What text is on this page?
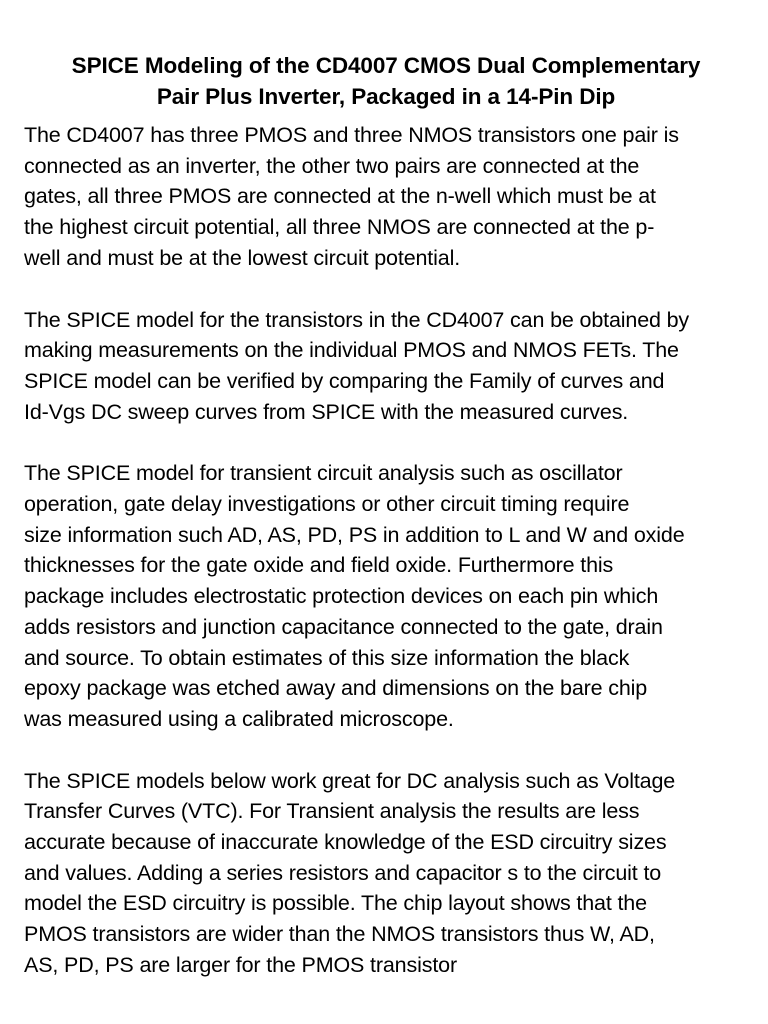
SPICE Modeling of the CD4007 CMOS Dual Complementary
Pair Plus Inverter, Packaged in a 14-Pin Dip

The CD4007 has three PMOS and three NMOS transistors one pair is
connected as an inverter, the other two pairs are connected at the
gates, all three PMOS are connected at the n-well which must be at
the highest circuit potential, all three NMOS are connected at the p-
well and must be at the lowest circuit potential.

The SPICE model for the transistors in the CD4007 can be obtained by
making measurements on the individual PMOS and NMOS FETs. The
SPICE model can be verified by comparing the Family of curves and
Id-Vgs DC sweep curves from SPICE with the measured curves.

The SPICE model for transient circuit analysis such as oscillator
operation, gate delay investigations or other circuit timing require
size information such AD, AS, PD, PS in addition to L and W and oxide
thicknesses for the gate oxide and field oxide. Furthermore this
package includes electrostatic protection devices on each pin which
adds resistors and junction capacitance connected to the gate, drain
and source. To obtain estimates of this size information the black
epoxy package was etched away and dimensions on the bare chip
was measured using a calibrated microscope.

The SPICE models below work great for DC analysis such as Voltage
Transfer Curves (VTC). For Transient analysis the results are less
accurate because of inaccurate knowledge of the ESD circuitry sizes
and values. Adding a series resistors and capacitor s to the circuit to
model the ESD circuitry is possible. The chip layout shows that the
PMOS transistors are wider than the NMOS transistors thus W, AD,
AS, PD, PS are larger for the PMOS transistor
